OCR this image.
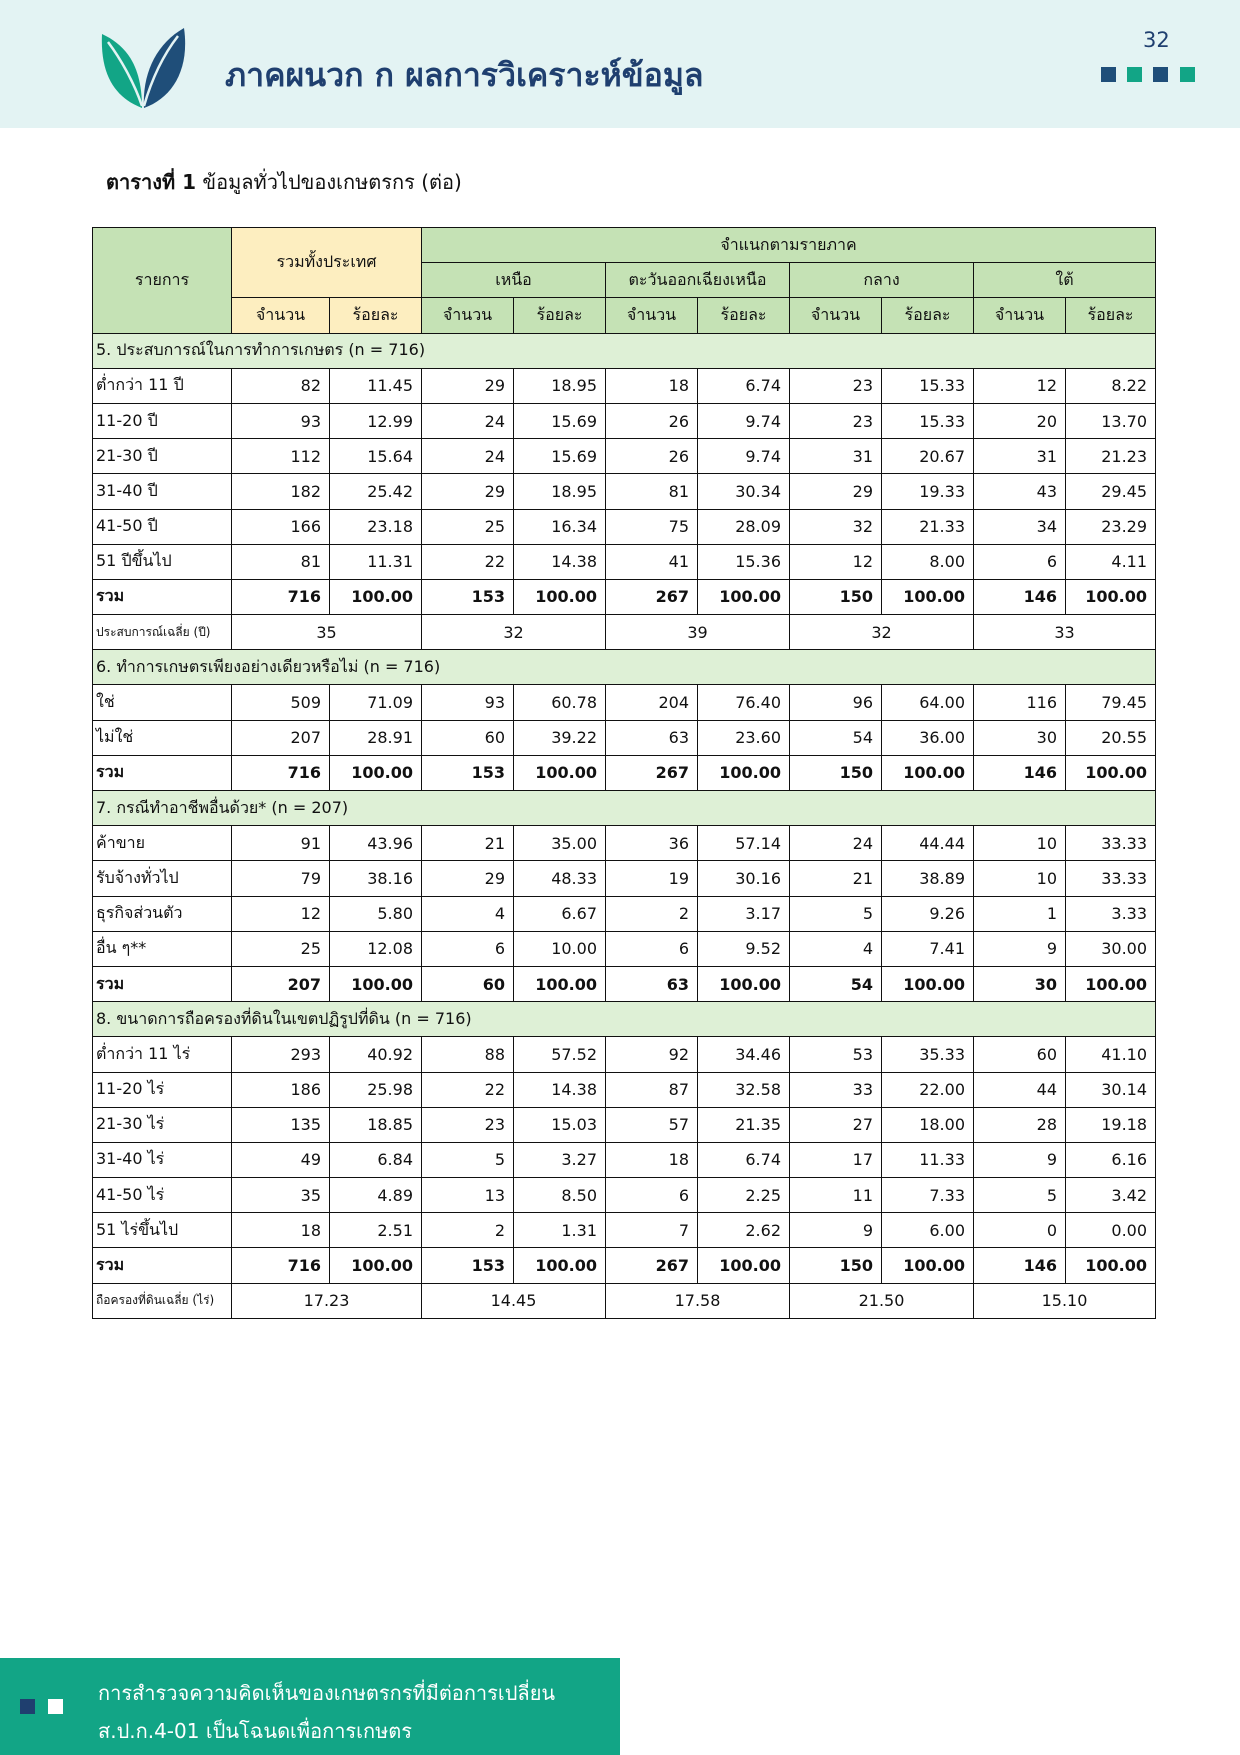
ภาคผนวก ก ผลการวิเคราะห์ข้อมูล
32
ตารางที่ 1 ข้อมูลทั่วไปของเกษตรกร (ต่อ)
รายการ	รวมทั้งประเทศ		จำแนกตามรายภาค							
			เหนือ		ตะวันออกเฉียงเหนือ		กลาง		ใต้	
	จำนวน	ร้อยละ	จำนวน	ร้อยละ	จำนวน	ร้อยละ	จำนวน	ร้อยละ	จำนวน	ร้อยละ
5. ประสบการณ์ในการทำการเกษตร (n = 716)										
ต่ำกว่า 11 ปี	82	11.45	29	18.95	18	6.74	23	15.33	12	8.22
11-20 ปี	93	12.99	24	15.69	26	9.74	23	15.33	20	13.70
21-30 ปี	112	15.64	24	15.69	26	9.74	31	20.67	31	21.23
31-40 ปี	182	25.42	29	18.95	81	30.34	29	19.33	43	29.45
41-50 ปี	166	23.18	25	16.34	75	28.09	32	21.33	34	23.29
51 ปีขึ้นไป	81	11.31	22	14.38	41	15.36	12	8.00	6	4.11
รวม	716	100.00	153	100.00	267	100.00	150	100.00	146	100.00
ประสบการณ์เฉลี่ย (ปี)	35		32		39		32		33	
6. ทำการเกษตรเพียงอย่างเดียวหรือไม่ (n = 716)										
ใช่	509	71.09	93	60.78	204	76.40	96	64.00	116	79.45
ไม่ใช่	207	28.91	60	39.22	63	23.60	54	36.00	30	20.55
รวม	716	100.00	153	100.00	267	100.00	150	100.00	146	100.00
7. กรณีทำอาชีพอื่นด้วย* (n = 207)										
ค้าขาย	91	43.96	21	35.00	36	57.14	24	44.44	10	33.33
รับจ้างทั่วไป	79	38.16	29	48.33	19	30.16	21	38.89	10	33.33
ธุรกิจส่วนตัว	12	5.80	4	6.67	2	3.17	5	9.26	1	3.33
อื่น ๆ**	25	12.08	6	10.00	6	9.52	4	7.41	9	30.00
รวม	207	100.00	60	100.00	63	100.00	54	100.00	30	100.00
8. ขนาดการถือครองที่ดินในเขตปฏิรูปที่ดิน (n = 716)										
ต่ำกว่า 11 ไร่	293	40.92	88	57.52	92	34.46	53	35.33	60	41.10
11-20 ไร่	186	25.98	22	14.38	87	32.58	33	22.00	44	30.14
21-30 ไร่	135	18.85	23	15.03	57	21.35	27	18.00	28	19.18
31-40 ไร่	49	6.84	5	3.27	18	6.74	17	11.33	9	6.16
41-50 ไร่	35	4.89	13	8.50	6	2.25	11	7.33	5	3.42
51 ไร่ขึ้นไป	18	2.51	2	1.31	7	2.62	9	6.00	0	0.00
รวม	716	100.00	153	100.00	267	100.00	150	100.00	146	100.00
ถือครองที่ดินเฉลี่ย (ไร่)	17.23		14.45		17.58		21.50		15.10	
การสำรวจความคิดเห็นของเกษตรกรที่มีต่อการเปลี่ยน
ส.ป.ก.4-01 เป็นโฉนดเพื่อการเกษตร
